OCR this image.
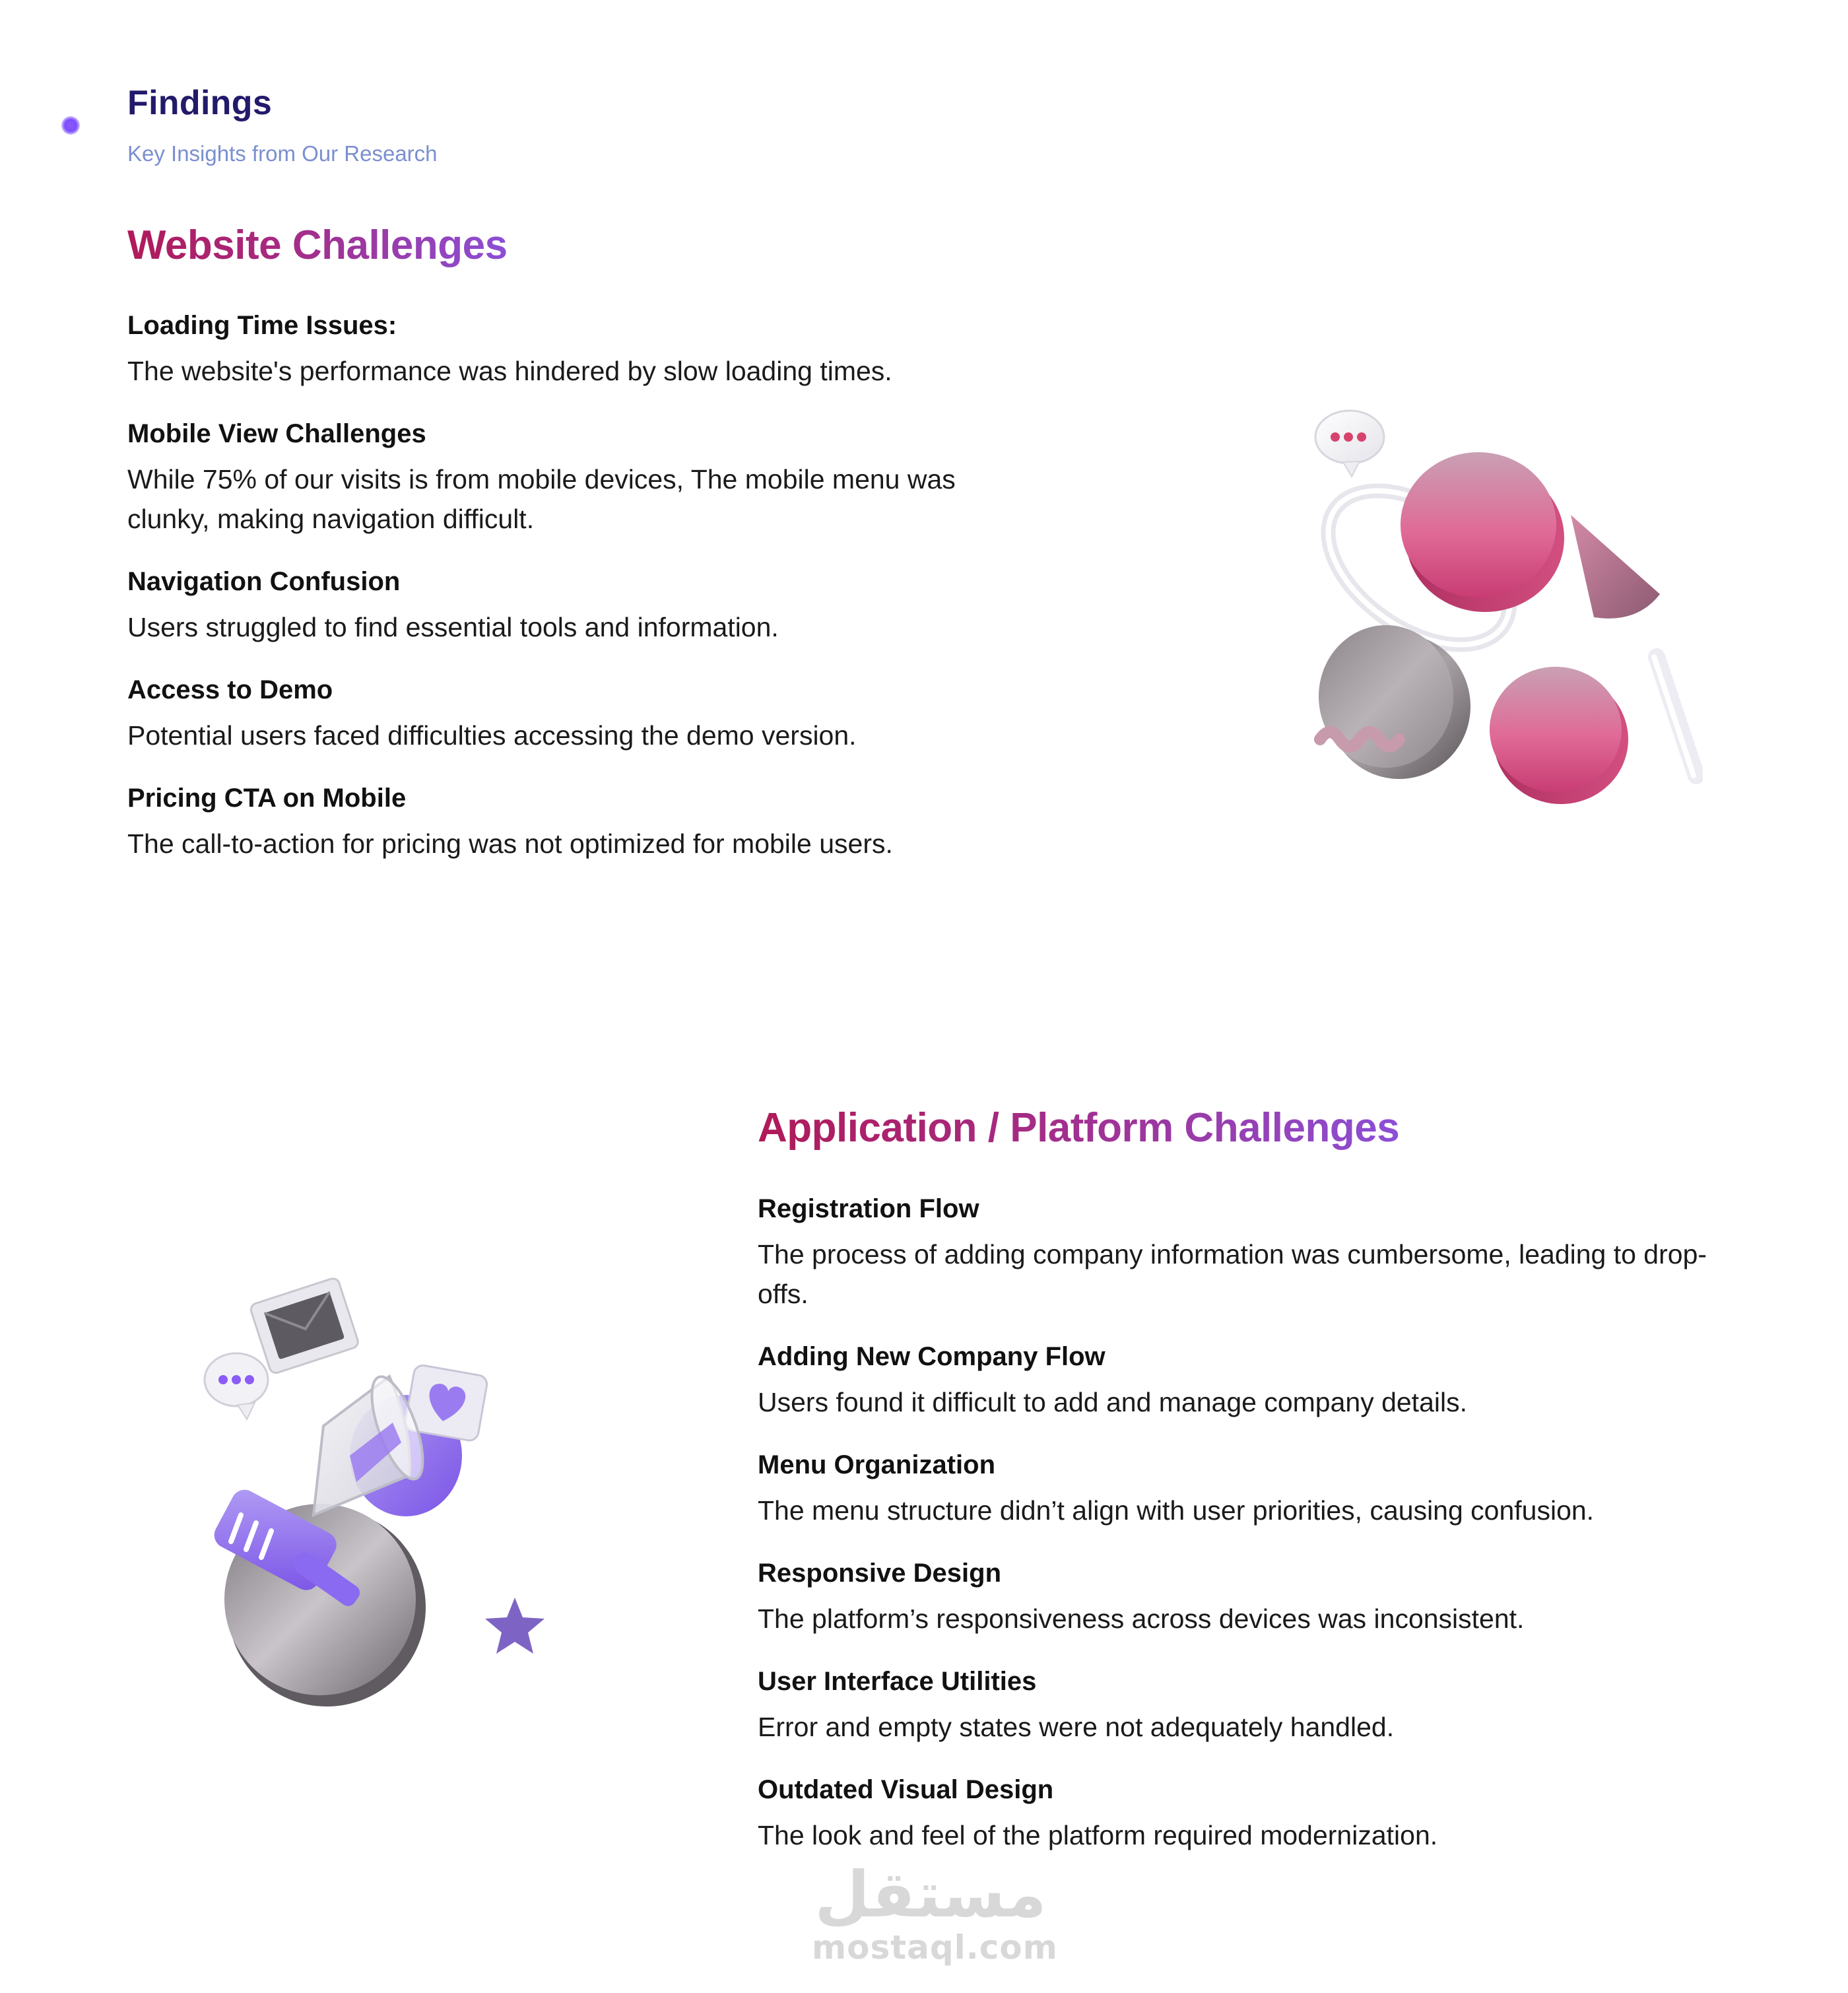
Findings
Key Insights from Our Research
Website Challenges
Loading Time Issues:
The website's performance was hindered by slow loading times.
Mobile View Challenges
While 75% of our visits is from mobile devices, The mobile menu was clunky, making navigation difficult.
Navigation Confusion
Users struggled to find essential tools and information.
Access to Demo
Potential users faced difficulties accessing the demo version.
Pricing CTA on Mobile
The call-to-action for pricing was not optimized for mobile users.
Application / Platform Challenges
Registration Flow
The process of adding company information was cumbersome, leading to drop-offs.
Adding New Company Flow
Users found it difficult to add and manage company details.
Menu Organization
The menu structure didn’t align with user priorities, causing confusion.
Responsive Design
The platform’s responsiveness across devices was inconsistent.
User Interface Utilities
Error and empty states were not adequately handled.
Outdated Visual Design
The look and feel of the platform required modernization.
مستقل
mostaql.com
